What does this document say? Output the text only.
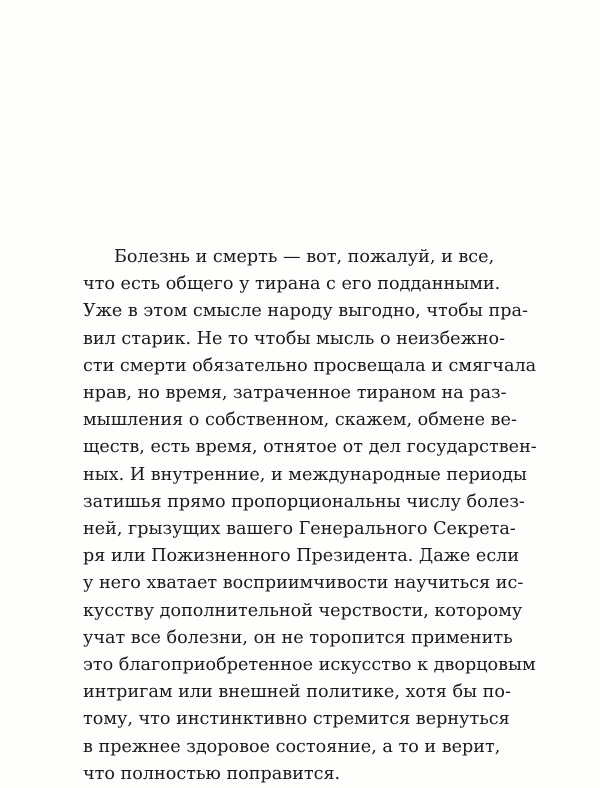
Болезнь и смерть — вот, пожалуй, и все,
что есть общего у тирана с его подданными.
Уже в этом смысле народу выгодно, чтобы пра-
вил старик. Не то чтобы мысль о неизбежно-
сти смерти обязательно просвещала и смягчала
нрав, но время, затраченное тираном на раз-
мышления о собственном, скажем, обмене ве-
ществ, есть время, отнятое от дел государствен-
ных. И внутренние, и международные периоды
затишья прямо пропорциональны числу болез-
ней, грызущих вашего Генерального Секрета-
ря или Пожизненного Президента. Даже если
у него хватает восприимчивости научиться ис-
кусству дополнительной черствости, которому
учат все болезни, он не торопится применить
это благоприобретенное искусство к дворцовым
интригам или внешней политике, хотя бы по-
тому, что инстинктивно стремится вернуться
в прежнее здоровое состояние, а то и верит,
что полностью поправится.
